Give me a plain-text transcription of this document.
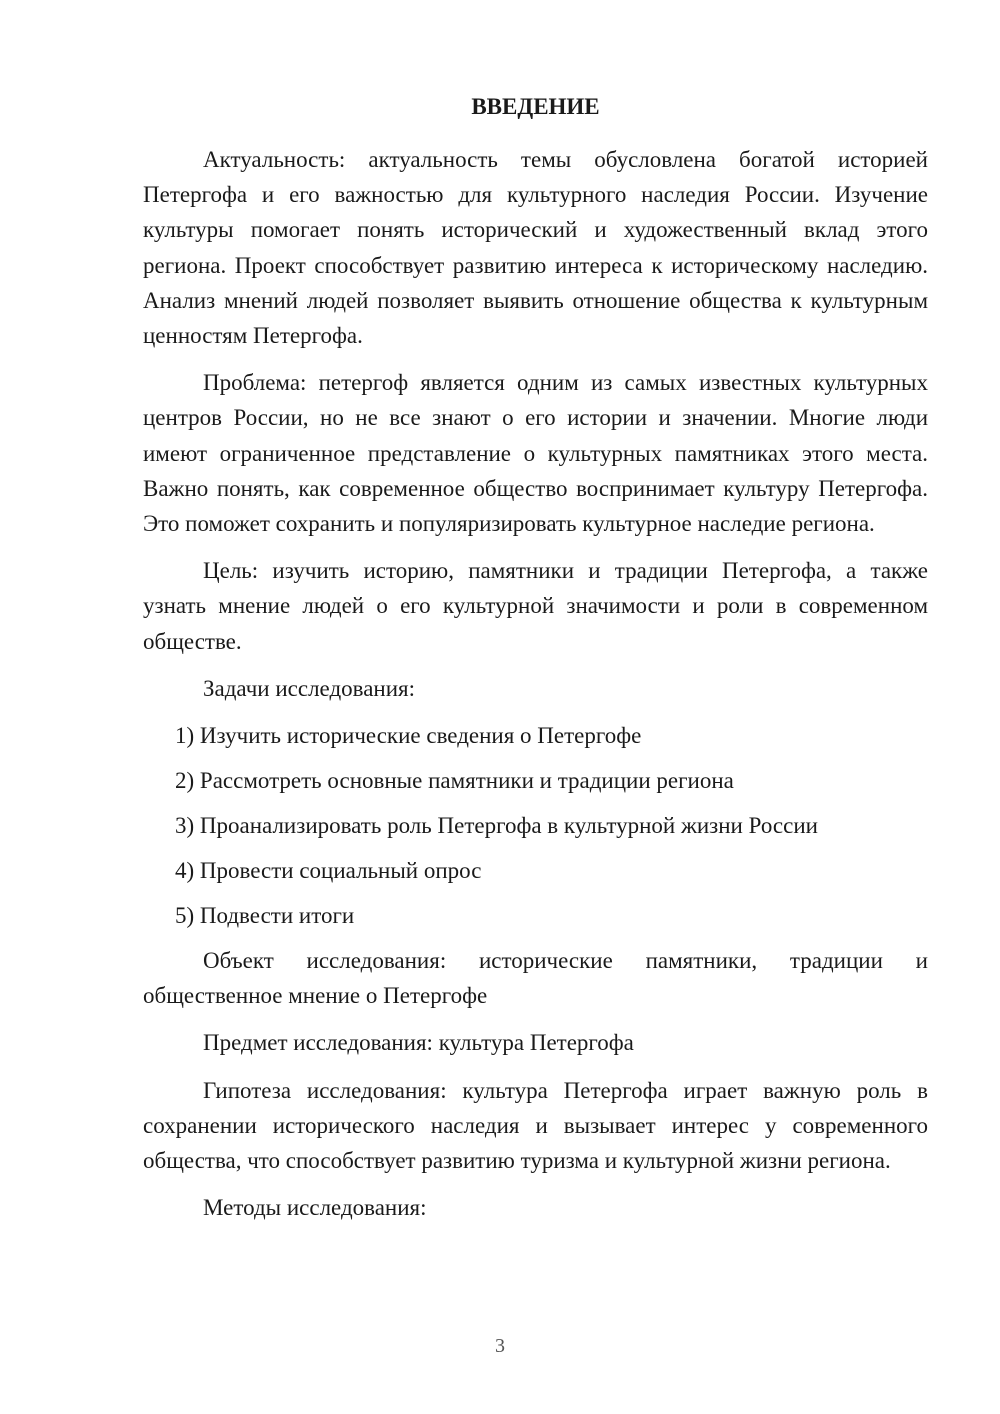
ВВЕДЕНИЕ

Актуальность: актуальность темы обусловлена богатой историей Петергофа и его важностью для культурного наследия России. Изучение культуры помогает понять исторический и художественный вклад этого региона. Проект способствует развитию интереса к историческому наследию. Анализ мнений людей позволяет выявить отношение общества к культурным ценностям Петергофа.

Проблема: петергоф является одним из самых известных культурных центров России, но не все знают о его истории и значении. Многие люди имеют ограниченное представление о культурных памятниках этого места. Важно понять, как современное общество воспринимает культуру Петергофа. Это поможет сохранить и популяризировать культурное наследие региона.

Цель: изучить историю, памятники и традиции Петергофа, а также узнать мнение людей о его культурной значимости и роли в современном обществе.

Задачи исследования:

1) Изучить исторические сведения о Петергофе
2) Рассмотреть основные памятники и традиции региона
3) Проанализировать роль Петергофа в культурной жизни России
4) Провести социальный опрос
5) Подвести итоги

Объект исследования: исторические памятники, традиции и общественное мнение о Петергофе

Предмет исследования: культура Петергофа

Гипотеза исследования: культура Петергофа играет важную роль в сохранении исторического наследия и вызывает интерес у современного общества, что способствует развитию туризма и культурной жизни региона.

Методы исследования:

3
